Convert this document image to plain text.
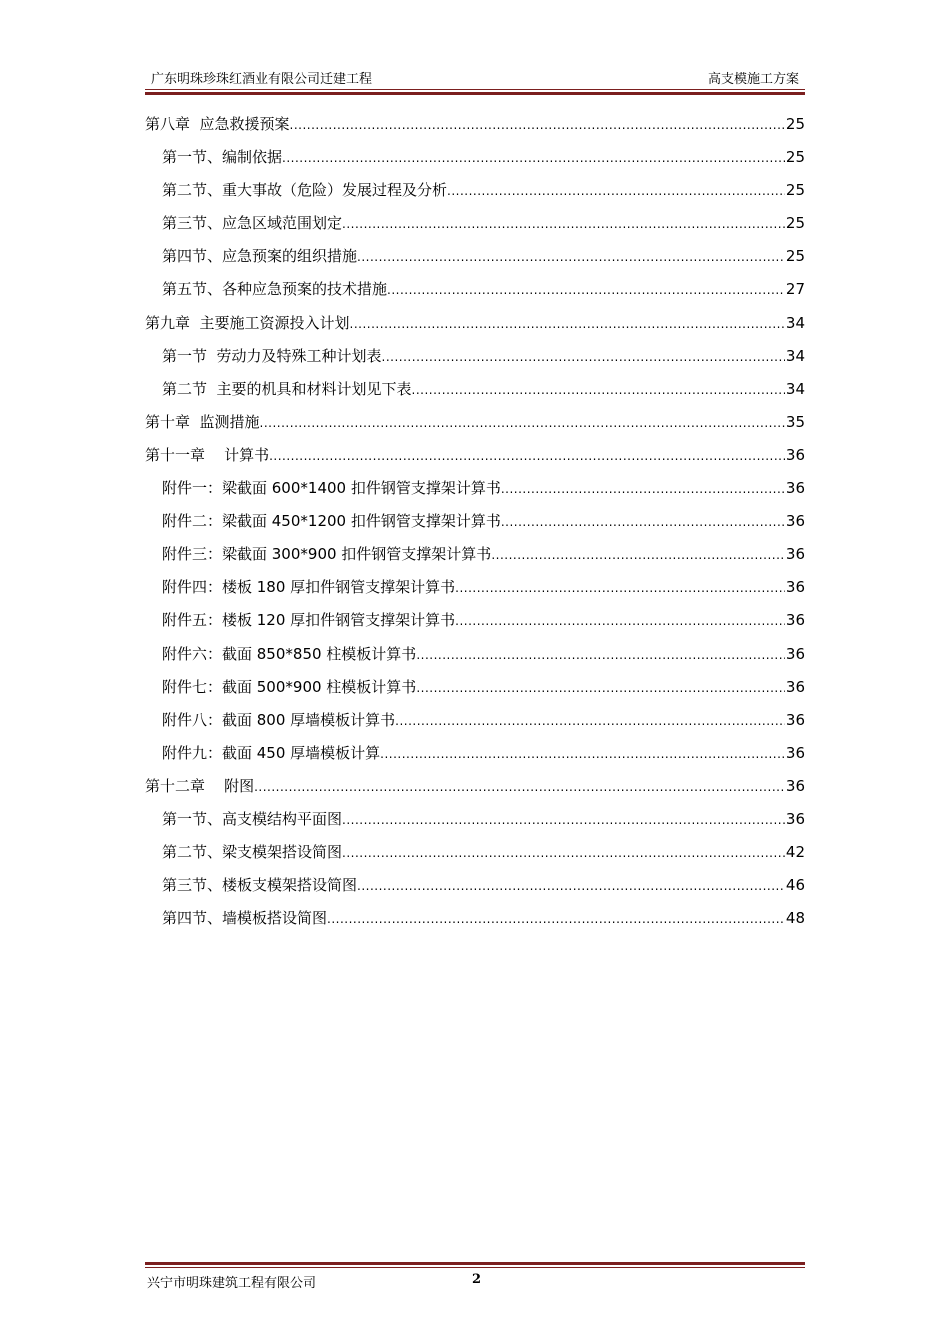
广东明珠珍珠红酒业有限公司迁建工程	高支模施工方案
第八章  应急救援预案 .....	25
第一节、编制依据 .....	25
第二节、重大事故（危险）发展过程及分析 .....	25
第三节、应急区域范围划定 .....	25
第四节、应急预案的组织措施 .....	25
第五节、各种应急预案的技术措施 .....	27
第九章  主要施工资源投入计划 .....	34
第一节  劳动力及特殊工种计划表 .....	34
第二节  主要的机具和材料计划见下表 .....	34
第十章  监测措施 .....	35
第十一章    计算书 .....	36
附件一：梁截面 600*1400 扣件钢管支撑架计算书 .....	36
附件二：梁截面 450*1200 扣件钢管支撑架计算书 .....	36
附件三：梁截面 300*900 扣件钢管支撑架计算书 .....	36
附件四：楼板 180 厚扣件钢管支撑架计算书 .....	36
附件五：楼板 120 厚扣件钢管支撑架计算书 .....	36
附件六：截面 850*850 柱模板计算书 .....	36
附件七：截面 500*900 柱模板计算书 .....	36
附件八：截面 800 厚墙模板计算书 .....	36
附件九：截面 450 厚墙模板计算 .....	36
第十二章    附图 .....	36
第一节、高支模结构平面图 .....	36
第二节、梁支模架搭设简图 .....	42
第三节、楼板支模架搭设简图 .....	46
第四节、墙模板搭设简图 .....	48
兴宁市明珠建筑工程有限公司	2
